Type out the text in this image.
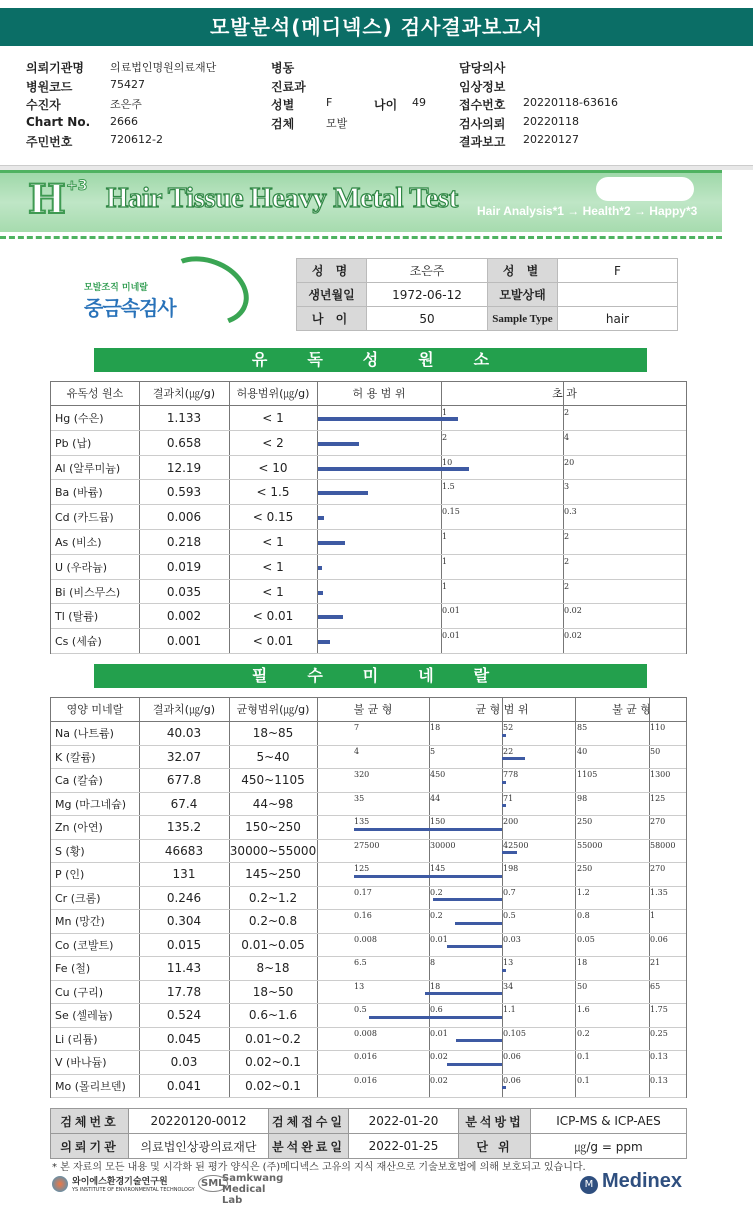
모발분석(메디넥스) 검사결과보고서
의뢰기관명 의료법인명원의료재단
병원코드	75427
수진자	조은주
Chart No. 2666
주민번호	720612-2
병동
진료과
성별	F
검체	모발
나이 49
담당의사
임상정보
접수번호 20220118-63616
검사의뢰 20220118
결과보고 20220127
H +3 Hair Tissue Heavy Metal Test Hair Analysis*1 → Health*2 → Happy*3
모발조직 미네랄
중금속검사
성 명	조은주	성 별	F
생년월일	1972-06-12	모발상태	
나 이	50	Sample Type	hair
유독성원소
유독성 원소	결과치(㎍/g)	허용범위(㎍/g)	허 용 범 위	초 과
Hg (수은)	1.133	< 1	1	2
Pb (납)	0.658	< 2	2	4
Al (알루미늄)	12.19	< 10	10	20
Ba (바륨)	0.593	< 1.5	1.5	3
Cd (카드뮴)	0.006	< 0.15	0.15	0.3
As (비소)	0.218	< 1	1	2
U (우라늄)	0.019	< 1	1	2
Bi (비스무스)	0.035	< 1	1	2
Tl (탈륨)	0.002	< 0.01	0.01	0.02
Cs (세슘)	0.001	< 0.01	0.01	0.02
필수미네랄
영양 미네랄	결과치(㎍/g)	균형범위(㎍/g)	불 균 형	균 형 범 위	불 균 형
Na (나트륨)	40.03	18~85	7	18	52	85	110
K (칼륨)	32.07	5~40	4	5	22	40	50
Ca (칼슘)	677.8	450~1105	320	450	778	1105	1300
Mg (마그네슘)	67.4	44~98	35	44	71	98	125
Zn (아연)	135.2	150~250	135	150	200	250	270
S (황)	46683	30000~55000	27500	30000	42500	55000	58000
P (인)	131	145~250	125	145	198	250	270
Cr (크롬)	0.246	0.2~1.2	0.17	0.2	0.7	1.2	1.35
Mn (망간)	0.304	0.2~0.8	0.16	0.2	0.5	0.8	1
Co (코발트)	0.015	0.01~0.05	0.008	0.01	0.03	0.05	0.06
Fe (철)	11.43	8~18	6.5	8	13	18	21
Cu (구리)	17.78	18~50	13	18	34	50	65
Se (셀레늄)	0.524	0.6~1.6	0.5	0.6	1.1	1.6	1.75
Li (리튬)	0.045	0.01~0.2	0.008	0.01	0.105	0.2	0.25
V (바나듐)	0.03	0.02~0.1	0.016	0.02	0.06	0.1	0.13
Mo (몰리브덴)	0.041	0.02~0.1	0.016	0.02	0.06	0.1	0.13
검체번호	20220120-0012	검체접수일	2022-01-20	분석방법	ICP-MS & ICP-AES
의뢰기관	의료법인상광의료재단	분석완료일	2022-01-25	단 위	㎍/g = ppm
* 본 자료의 모든 내용 및 시각화 된 평가 양식은 (주)메디넥스 고유의 지식 재산으로 기술보호법에 의해 보호되고 있습니다.
와이에스환경기술연구원
YS INSTITUTE OF ENVIRONMENTAL TECHNOLOGY
SML
Samkwang Medical Lab
M Medinex
